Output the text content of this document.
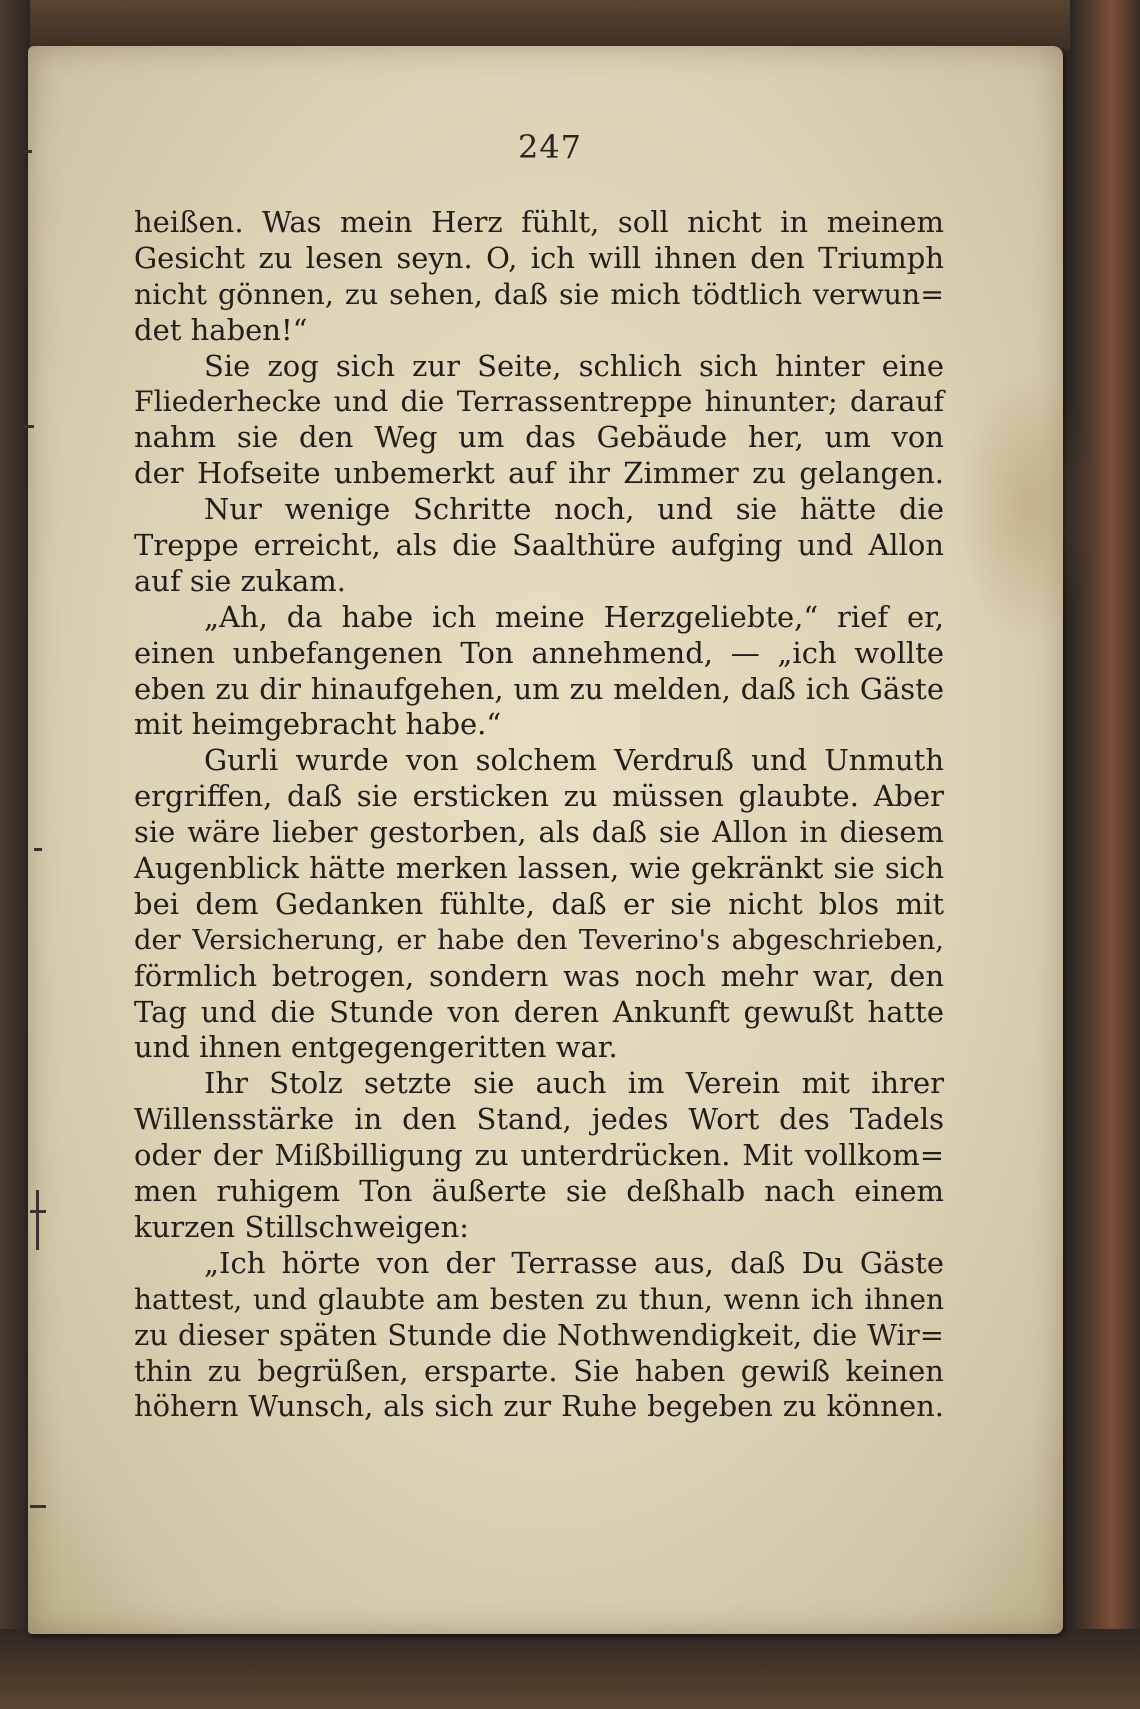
247
heißen. Was mein Herz fühlt, soll nicht in meinem
Gesicht zu lesen seyn. O, ich will ihnen den Triumph
nicht gönnen, zu sehen, daß sie mich tödtlich verwun=
det haben!“
Sie zog sich zur Seite, schlich sich hinter eine
Fliederhecke und die Terrassentreppe hinunter; darauf
nahm sie den Weg um das Gebäude her, um von
der Hofseite unbemerkt auf ihr Zimmer zu gelangen.
Nur wenige Schritte noch, und sie hätte die
Treppe erreicht, als die Saalthüre aufging und Allon
auf sie zukam.
„Ah, da habe ich meine Herzgeliebte,“ rief er,
einen unbefangenen Ton annehmend, — „ich wollte
eben zu dir hinaufgehen, um zu melden, daß ich Gäste
mit heimgebracht habe.“
Gurli wurde von solchem Verdruß und Unmuth
ergriffen, daß sie ersticken zu müssen glaubte. Aber
sie wäre lieber gestorben, als daß sie Allon in diesem
Augenblick hätte merken lassen, wie gekränkt sie sich
bei dem Gedanken fühlte, daß er sie nicht blos mit
der Versicherung, er habe den Teverino's abgeschrieben,
förmlich betrogen, sondern was noch mehr war, den
Tag und die Stunde von deren Ankunft gewußt hatte
und ihnen entgegengeritten war.
Ihr Stolz setzte sie auch im Verein mit ihrer
Willensstärke in den Stand, jedes Wort des Tadels
oder der Mißbilligung zu unterdrücken. Mit vollkom=
men ruhigem Ton äußerte sie deßhalb nach einem
kurzen Stillschweigen:
„Ich hörte von der Terrasse aus, daß Du Gäste
hattest, und glaubte am besten zu thun, wenn ich ihnen
zu dieser späten Stunde die Nothwendigkeit, die Wir=
thin zu begrüßen, ersparte. Sie haben gewiß keinen
höhern Wunsch, als sich zur Ruhe begeben zu können.
